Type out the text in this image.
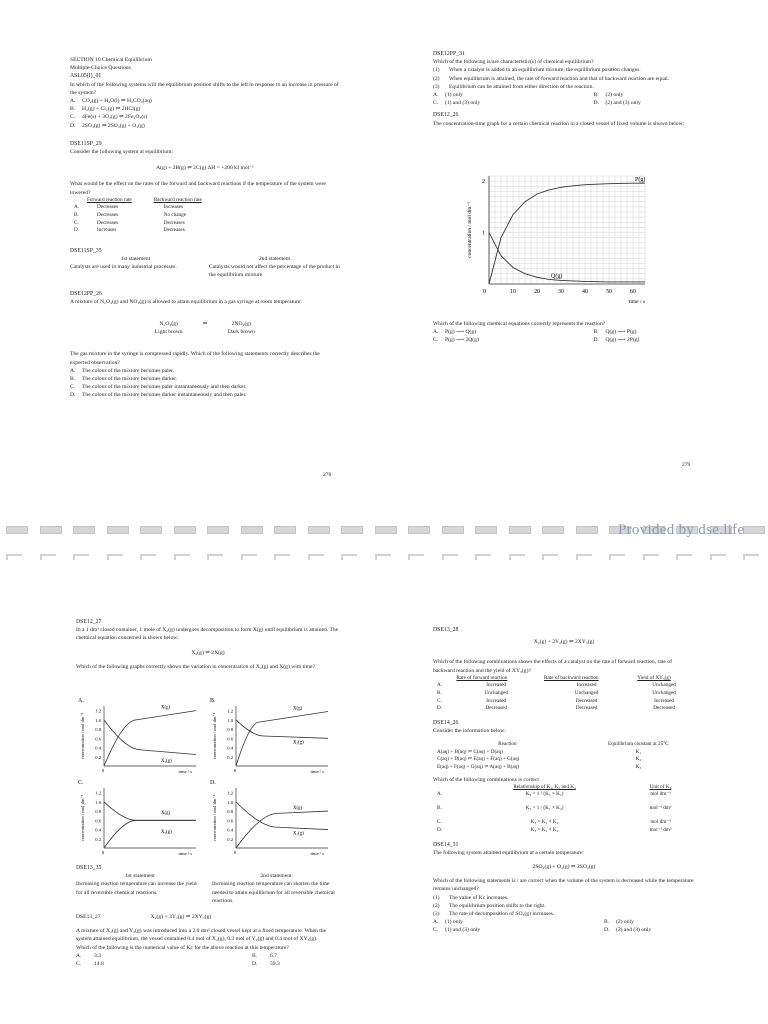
SECTION 10 Chemical Equilibrium

Multiple-Choice Questions

ASL05(I)_01

In which of the following systems will the equilibrium position shifts to the left in response to an increase in pressure of the system?

A.	CO₂(g) + H₂O(l) ⇌ H₂CO₃(aq)
B.	H₂(g) + Cl₂(g) ⇌ 2HCl(g)
C.	4Fe(s) + 3O₂(g) ⇌ 2Fe₂O₃(s)
D.	2SO₃(g) ⇌ 2SO₂(g) + O₂(g)
DSE11SP_29

Consider the following system at equilibrium:

A(g) + 2B(g) ⇌ 2C(g) ΔH = +200 kJ mol⁻¹

What would be the effect on the rates of the forward and backward reactions if the temperature of the system were lowered?

	Forward reaction rate	Backward reaction rate
A.	Decreases	Increases
B.	Decreases	No change
C.	Decreases	Decreases
D.	Increases	Decreases
DSE11SP_35

1st statement

Catalysts are used in many industrial processes.

2nd statement

Catalysts would not affect the percentage of the product in the equilibrium mixture.

DSE12PP_26

A mixture of N₂O₄(g) and NO₂(g) is allowed to attain equilibrium in a gas syringe at room temperature:

N₂O₄(g)

Light brown

⇌	2NO₂(g)

Dark brown

The gas mixture in the syringe is compressed rapidly. Which of the following statements correctly describes the expected observation?

A.	The colour of the mixture becomes paler.
B.	The colour of the mixture becomes darker.
C.	The colour of the mixture becomes paler instantaneously and then darker.
D.	The colour of the mixture becomes darker instantaneously and then paler.
278
DSE12PP_31

Which of the following is/are characteristic(s) of chemical equilibrium?

(1)	When a catalyst is added to an equilibrium mixture, the equilibrium position changes.
(2)	When equilibrium is attained, the rate of forward reaction and that of backward reaction are equal.
(3)	Equilibrium can be attained from either direction of the reaction.
A.	(1) only	B.	(2) only
C.	(1) and (3) only	D.	(2) and (3) only
DSE12_26

The concentration-time graph for a certain chemical reaction in a closed vessel of fixed volume is shown below:

P(g)
Q(g)
10	20	30	40	50	60
1
2
0
time / s
concentration / mol dm⁻³

Which of the following chemical equations correctly represents the reaction?

A.	P(g) ⟶ Q(g)	B.	Q(g) ⟶ P(g)
C.	P(g) ⟶ 2Q(g)	D.	Q(g) ⟶ 2P(g)
279
Provided by dse.life
DSE12_27

In a 1 dm³ closed container, 1 mole of X₂(g) undergoes decomposition to form X(g) until equilibrium is attained. The chemical equation concerned is shown below:

X₂(g) ⇌ 2X(g)

Which of the following graphs correctly shows the variation in concentration of X₂(g) and X(g) with time?

A.
1.2
1.0
0.8
0.6
0.4
0.2
0	time / s
concentration / mol dm⁻³
X(g)
X₂(g)
B.
1.2
1.0
0.8
0.6
0.4
0.2
0	time / s
concentration / mol dm⁻³
X(g)
X₂(g)
C.
1.2
1.0
0.8
0.6
0.4
0.2
0	time / s
concentration / mol dm⁻³	X(g)
X₂(g)
D.
1.2
1.0
0.8
0.6
0.4
0.2
0	time / s
concentration / mol dm⁻³	X(g)
X₂(g)
DSE13_35

1st statement

Increasing reaction temperature can increase the yield for all reversible chemical reactions.

2nd statement

Increasing reaction temperature can shorten the time needed to attain equilibrium for all reversible chemical reactions.

DSE13_27	X₂(g) + 3Y₂(g) ⇌ 2XY₃(g)

A mixture of X₂(g) and Y₂(g) was introduced into a 2.0 dm³ closed vessel kept at a fixed temperature. When the system attained equilibrium, the vessel contained 0.4 mol of X₂(g), 0.3 mol of Y₂(g) and 0.4 mol of XY₃(g).

Which of the following is the numerical value of Kc for the above reaction at this temperature?

A.	3.3	B.	6.7
C.	14.8	D.	59.3
DSE13_28

X₂(g) + 3Y₂(g) ⇌ 2XY₃(g)

Which of the following combinations shows the effects of a catalyst on the rate of forward reaction, rate of backward reaction and the yield of XY₃(g)?

	Rate of forward reaction	Rate of backward reaction	Yield of XY₃(g)
A.	Increased	Increased	Unchanged
B.	Unchanged	Unchanged	Unchanged
C.	Increased	Decreased	Increased
D.	Decreased	Decreased	Decreased
DSE14_26

Consider the information below:

Reaction	Equilibrium constant at 25°C
A(aq) + B(aq) ⇌ C(aq) + D(aq)	K₁
C(aq) + D(aq) ⇌ E(aq) + F(aq) + G(aq)	K₂
E(aq) + F(aq) + G(aq) ⇌ A(aq) + B(aq)	K₃

Which of the following combinations is correct

	Relationship of K₁, K₂ and K₃	Unit of K₃
A.	K₃ = 1 / (K₁ × K₂)	mol dm⁻³
B.	K₃ = 1 / (K₁ × K₂)	mol⁻¹ dm³
C.	K₃ = K₁ × K₂	mol dm⁻³
D.	K₃ = K₁ × K₂	mol⁻¹ dm³
DSE14_31

The following system attained equilibrium at a certain temperature:

2SO₂(g) + O₂(g) ⇌ 2SO₃(g)

Which of the following statements is / are correct when the volume of the system is decreased while the temperature remains unchanged?

(1)	The value of Kc increases.
(2)	The equilibrium position shifts to the right.
(3)	The rate of decomposition of SO₃(g) increases.
A.	(1) only	B.	(2) only
C.	(1) and (3) only	D.	(2) and (3) only
